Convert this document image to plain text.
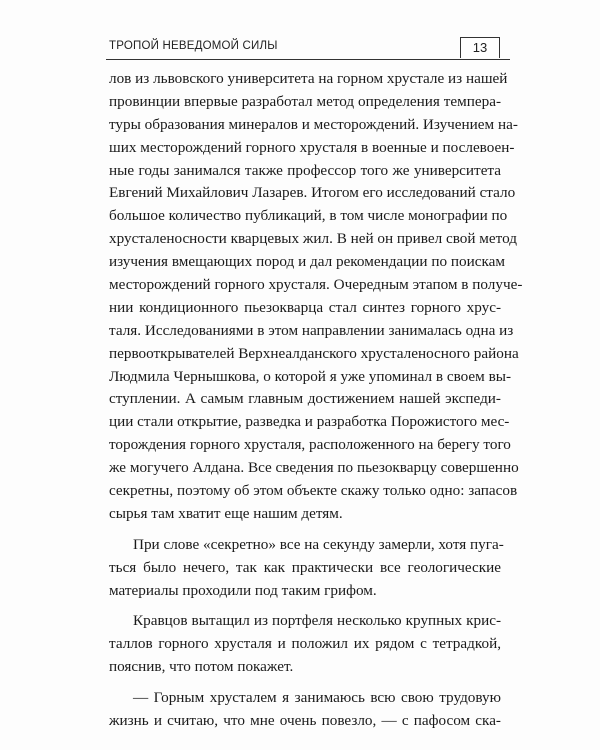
ТРОПОЙ НЕВЕДОМОЙ СИЛЫ	13
лов из львовского университета на горном хрустале из нашей
провинции впервые разработал метод определения темпера-
туры образования минералов и месторождений. Изучением на-
ших месторождений горного хрусталя в военные и послевоен-
ные годы занимался также профессор того же университета
Евгений Михайлович Лазарев. Итогом его исследований стало
большое количество публикаций, в том числе монографии по
хрусталеносности кварцевых жил. В ней он привел свой метод
изучения вмещающих пород и дал рекомендации по поискам
месторождений горного хрусталя. Очередным этапом в получе-
нии кондиционного пьезокварца стал синтез горного хрус-
таля. Исследованиями в этом направлении занималась одна из
первооткрывателей Верхнеалданского хрусталеносного района
Людмила Чернышкова, о которой я уже упоминал в своем вы-
ступлении. А самым главным достижением нашей экспеди-
ции стали открытие, разведка и разработка Порожистого мес-
торождения горного хрусталя, расположенного на берегу того
же могучего Алдана. Все сведения по пьезокварцу совершенно
секретны, поэтому об этом объекте скажу только одно: запасов
сырья там хватит еще нашим детям.
При слове «секретно» все на секунду замерли, хотя пуга-
ться было нечего, так как практически все геологические
материалы проходили под таким грифом.
Кравцов вытащил из портфеля несколько крупных крис-
таллов горного хрусталя и положил их рядом с тетрадкой,
пояснив, что потом покажет.
— Горным хрусталем я занимаюсь всю свою трудовую
жизнь и считаю, что мне очень повезло, — с пафосом ска-
